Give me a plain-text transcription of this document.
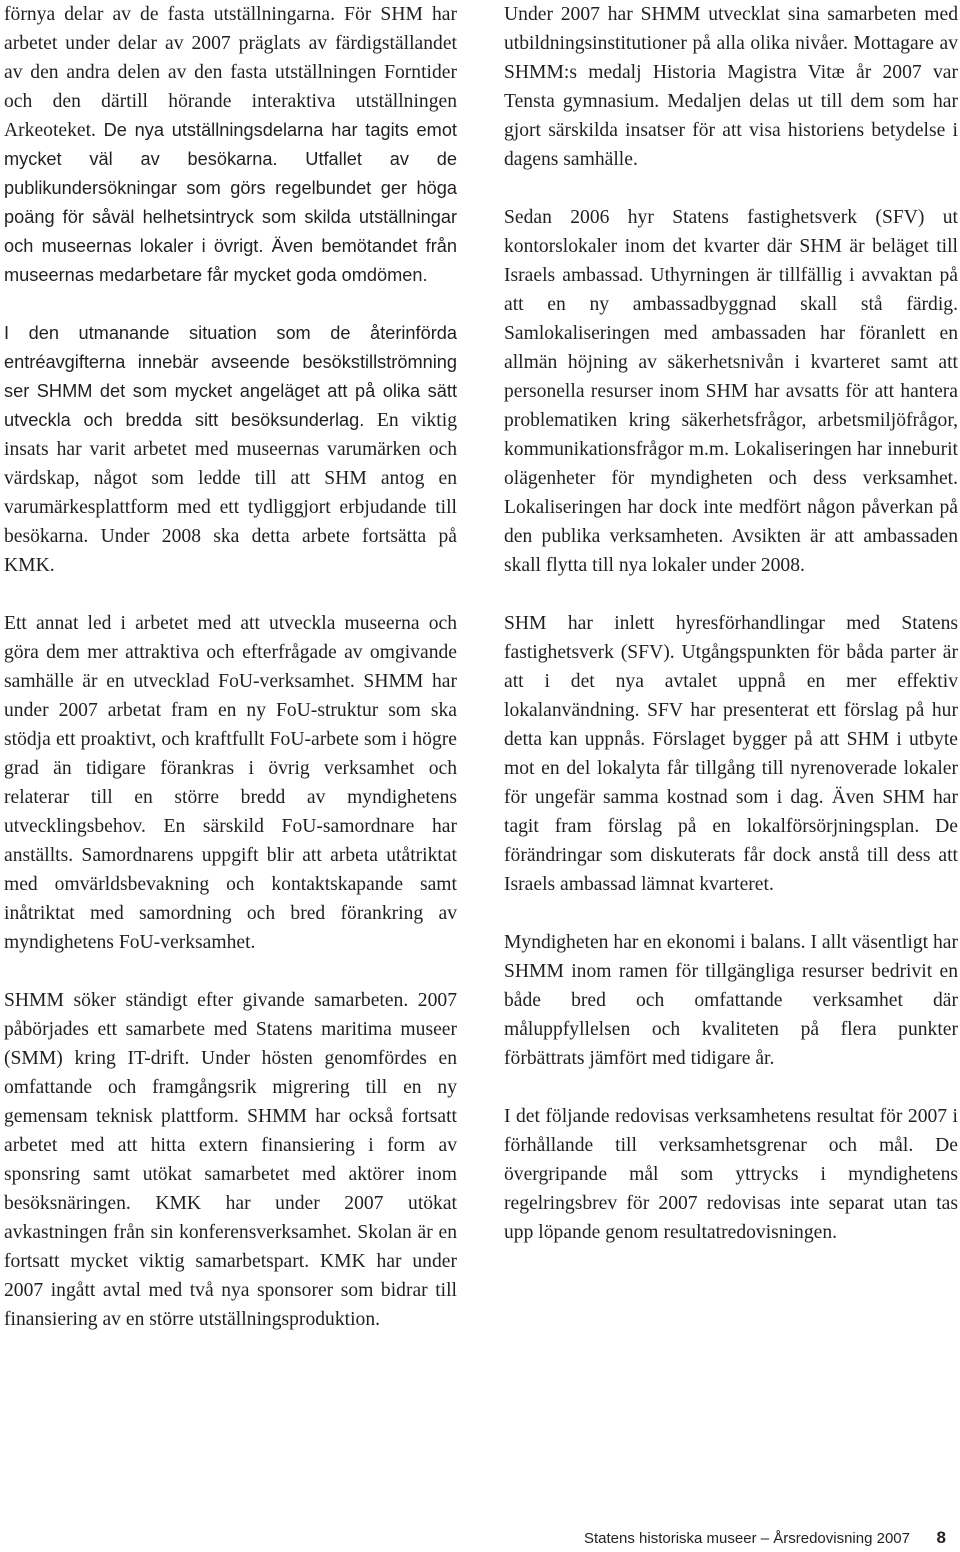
förnya delar av de fasta utställningarna. För SHM har arbetet under delar av 2007 präglats av färdigställandet av den andra delen av den fasta utställningen Forntider och den därtill hörande interaktiva utställningen Arkeoteket. De nya utställningsdelarna har tagits emot mycket väl av besökarna. Utfallet av de publikundersökningar som görs regelbundet ger höga poäng för såväl helhetsintryck som skilda utställningar och museernas lokaler i övrigt. Även bemötandet från museernas medarbetare får mycket goda omdömen.

I den utmanande situation som de återinförda entréavgifterna innebär avseende besökstillströmning ser SHMM det som mycket angeläget att på olika sätt utveckla och bredda sitt besöksunderlag. En viktig insats har varit arbetet med museernas varumärken och värdskap, något som ledde till att SHM antog en varumärkesplattform med ett tydliggjort erbjudande till besökarna. Under 2008 ska detta arbete fortsätta på KMK.

Ett annat led i arbetet med att utveckla museerna och göra dem mer attraktiva och efterfrågade av omgivande samhälle är en utvecklad FoU-verksamhet. SHMM har under 2007 arbetat fram en ny FoU-struktur som ska stödja ett proaktivt, och kraftfullt FoU-arbete som i högre grad än tidigare förankras i övrig verksamhet och relaterar till en större bredd av myndighetens utvecklingsbehov. En särskild FoU-samordnare har anställts. Samordnarens uppgift blir att arbeta utåtriktat med omvärldsbevakning och kontaktskapande samt inåtriktat med samordning och bred förankring av myndighetens FoU-verksamhet.

SHMM söker ständigt efter givande samarbeten. 2007 påbörjades ett samarbete med Statens maritima museer (SMM) kring IT-drift. Under hösten genomfördes en omfattande och framgångsrik migrering till en ny gemensam teknisk plattform. SHMM har också fortsatt arbetet med att hitta extern finansiering i form av sponsring samt utökat samarbetet med aktörer inom besöksnäringen. KMK har under 2007 utökat avkastningen från sin konferensverksamhet. Skolan är en fortsatt mycket viktig samarbetspart. KMK har under 2007 ingått avtal med två nya sponsorer som bidrar till finansiering av en större utställningsproduktion.

Under 2007 har SHMM utvecklat sina samarbeten med utbildningsinstitutioner på alla olika nivåer. Mottagare av SHMM:s medalj Historia Magistra Vitæ år 2007 var Tensta gymnasium. Medaljen delas ut till dem som har gjort särskilda insatser för att visa historiens betydelse i dagens samhälle.

Sedan 2006 hyr Statens fastighetsverk (SFV) ut kontorslokaler inom det kvarter där SHM är beläget till Israels ambassad. Uthyrningen är tillfällig i avvaktan på att en ny ambassadbyggnad skall stå färdig. Samlokaliseringen med ambassaden har föranlett en allmän höjning av säkerhetsnivån i kvarteret samt att personella resurser inom SHM har avsatts för att hantera problematiken kring säkerhetsfrågor, arbetsmiljöfrågor, kommunikationsfrågor m.m. Lokaliseringen har inneburit olägenheter för myndigheten och dess verksamhet. Lokaliseringen har dock inte medfört någon påverkan på den publika verksamheten. Avsikten är att ambassaden skall flytta till nya lokaler under 2008.

SHM har inlett hyresförhandlingar med Statens fastighetsverk (SFV). Utgångspunkten för båda parter är att i det nya avtalet uppnå en mer effektiv lokalanvändning. SFV har presenterat ett förslag på hur detta kan uppnås. Förslaget bygger på att SHM i utbyte mot en del lokalyta får tillgång till nyrenoverade lokaler för ungefär samma kostnad som i dag. Även SHM har tagit fram förslag på en lokalförsörjningsplan. De förändringar som diskuterats får dock anstå till dess att Israels ambassad lämnat kvarteret.

Myndigheten har en ekonomi i balans. I allt väsentligt har SHMM inom ramen för tillgängliga resurser bedrivit en både bred och omfattande verksamhet där måluppfyllelsen och kvaliteten på flera punkter förbättrats jämfört med tidigare år.

I det följande redovisas verksamhetens resultat för 2007 i förhållande till verksamhetsgrenar och mål. De övergripande mål som yttrycks i myndighetens regelringsbrev för 2007 redovisas inte separat utan tas upp löpande genom resultatredovisningen.

Statens historiska museer – Årsredovisning 2007 8
